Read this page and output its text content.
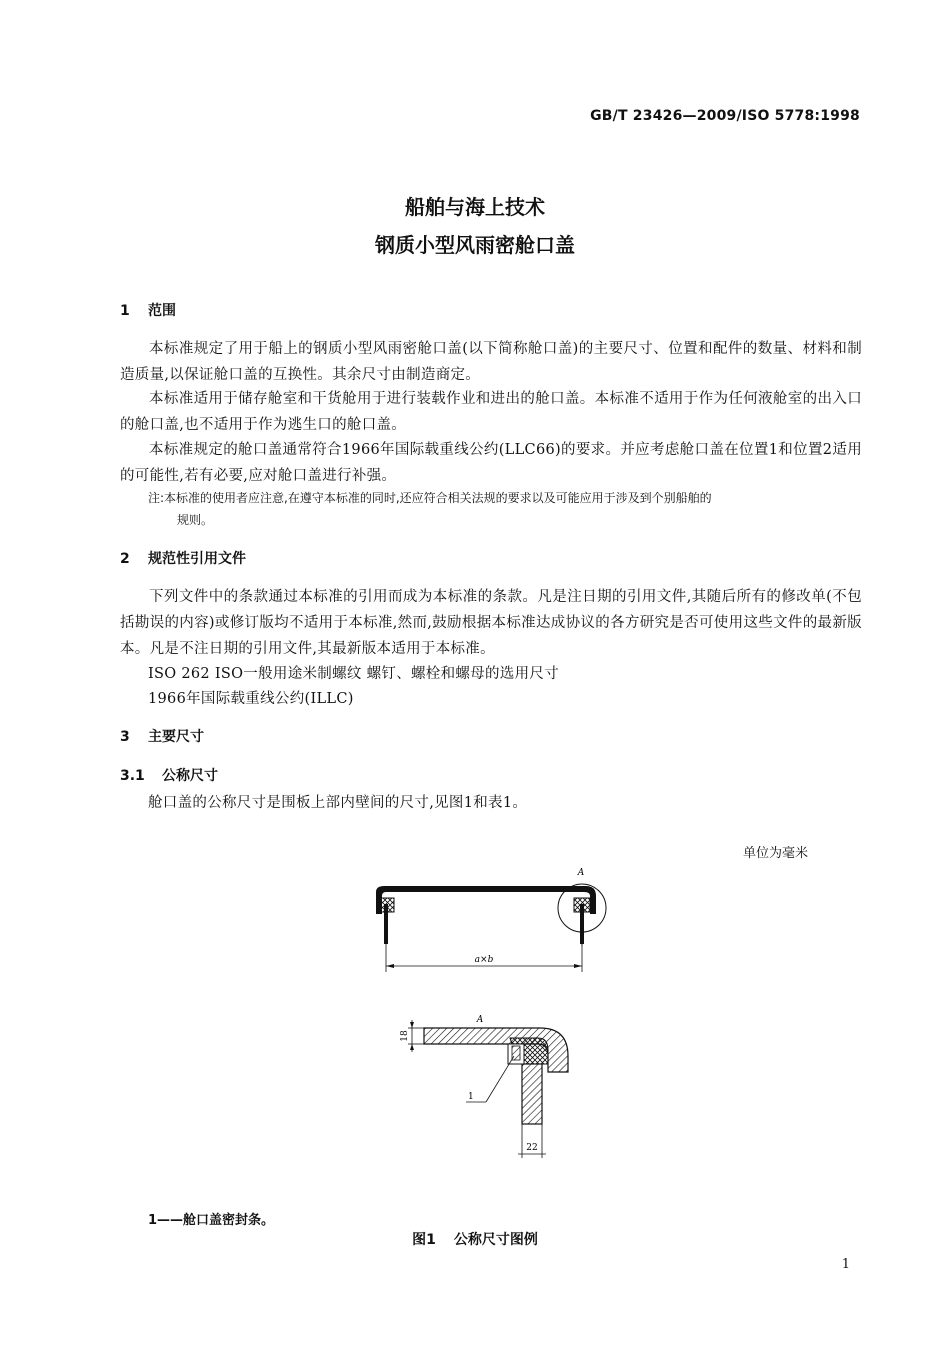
GB/T 23426—2009/ISO 5778:1998
船舶与海上技术
钢质小型风雨密舱口盖
1 范围
本标准规定了用于船上的钢质小型风雨密舱口盖(以下简称舱口盖)的主要尺寸、位置和配件的数量、材料和制造质量,以保证舱口盖的互换性。其余尺寸由制造商定。
本标准适用于储存舱室和干货舱用于进行装载作业和进出的舱口盖。本标准不适用于作为任何液舱室的出入口的舱口盖,也不适用于作为逃生口的舱口盖。
本标准规定的舱口盖通常符合1966年国际载重线公约(LLC66)的要求。并应考虑舱口盖在位置1和位置2适用的可能性,若有必要,应对舱口盖进行补强。
注:本标准的使用者应注意,在遵守本标准的同时,还应符合相关法规的要求以及可能应用于涉及到个别船舶的
规则。
2 规范性引用文件
下列文件中的条款通过本标准的引用而成为本标准的条款。凡是注日期的引用文件,其随后所有的修改单(不包括勘误的内容)或修订版均不适用于本标准,然而,鼓励根据本标准达成协议的各方研究是否可使用这些文件的最新版本。凡是不注日期的引用文件,其最新版本适用于本标准。
ISO 262 ISO一般用途米制螺纹 螺钉、螺栓和螺母的选用尺寸
1966年国际载重线公约(ILLC)
3 主要尺寸
3.1 公称尺寸
舱口盖的公称尺寸是围板上部内壁间的尺寸,见图1和表1。
单位为毫米
A
a×b
A
18
1
22
1——舱口盖密封条。
图1 公称尺寸图例
1
